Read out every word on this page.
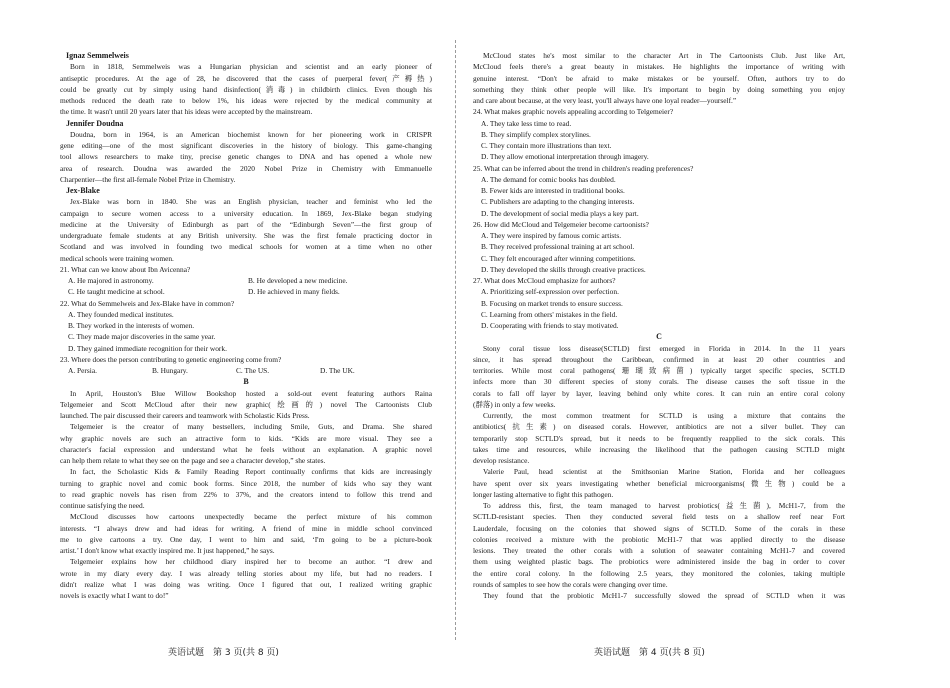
Ignaz Semmelweis
Born in 1818, Semmelweis was a Hungarian physician and scientist and an early pioneer of
antiseptic procedures. At the age of 28, he discovered that the cases of puerperal fever(产褥热)
could be greatly cut by simply using hand disinfection(消毒) in childbirth clinics. Even though his
methods reduced the death rate to below 1%, his ideas were rejected by the medical community at
the time. It wasn't until 20 years later that his ideas were accepted by the mainstream.
Jennifer Doudna
Doudna, born in 1964, is an American biochemist known for her pioneering work in CRISPR
gene editing—one of the most significant discoveries in the history of biology. This game-changing
tool allows researchers to make tiny, precise genetic changes to DNA and has opened a whole new
area of research. Doudna was awarded the 2020 Nobel Prize in Chemistry with Emmanuelle
Charpentier—the first all-female Nobel Prize in Chemistry.
Jex-Blake
Jex-Blake was born in 1840. She was an English physician, teacher and feminist who led the
campaign to secure women access to a university education. In 1869, Jex-Blake began studying
medicine at the University of Edinburgh as part of the “Edinburgh Seven”—the first group of
undergraduate female students at any British university. She was the first female practicing doctor in
Scotland and was involved in founding two medical schools for women at a time when no other
medical schools were training women.
21. What can we know about Ibn Avicenna?
A. He majored in astronomy.	B. He developed a new medicine.
C. He taught medicine at school.	D. He achieved in many fields.
22. What do Semmelweis and Jex-Blake have in common?
A. They founded medical institutes.
B. They worked in the interests of women.
C. They made major discoveries in the same year.
D. They gained immediate recognition for their work.
23. Where does the person contributing to genetic engineering come from?
A. Persia.	B. Hungary.	C. The US.	D. The UK.
B
In April, Houston's Blue Willow Bookshop hosted a sold-out event featuring authors Raina
Telgemeier and Scott McCloud after their new graphic(绘画的) novel The Cartoonists Club
launched. The pair discussed their careers and teamwork with Scholastic Kids Press.
Telgemeier is the creator of many bestsellers, including Smile, Guts, and Drama. She shared
why graphic novels are such an attractive form to kids. “Kids are more visual. They see a
character's facial expression and understand what he feels without an explanation. A graphic novel
can help them relate to what they see on the page and see a character develop,” she states.
In fact, the Scholastic Kids & Family Reading Report continually confirms that kids are increasingly
turning to graphic novel and comic book forms. Since 2018, the number of kids who say they want
to read graphic novels has risen from 22% to 37%, and the creators intend to follow this trend and
continue satisfying the need.
McCloud discusses how cartoons unexpectedly became the perfect mixture of his common
interests. “I always drew and had ideas for writing. A friend of mine in middle school convinced
me to give cartoons a try. One day, I went to him and said, ‘I'm going to be a picture-book
artist.’ I don't know what exactly inspired me. It just happened,” he says.
Telgemeier explains how her childhood diary inspired her to become an author. “I drew and
wrote in my diary every day. I was already telling stories about my life, but had no readers. I
didn't realize what I was doing was writing. Once I figured that out, I realized writing graphic
novels is exactly what I want to do!”
McCloud states he's most similar to the character Art in The Cartoonists Club. Just like Art,
McCloud feels there's a great beauty in mistakes. He highlights the importance of writing with
genuine interest. “Don't be afraid to make mistakes or be yourself. Often, authors try to do
something they think other people will like. It's important to begin by doing something you enjoy
and care about because, at the very least, you'll always have one loyal reader—yourself.”
24. What makes graphic novels appealing according to Telgemeier?
A. They take less time to read.
B. They simplify complex storylines.
C. They contain more illustrations than text.
D. They allow emotional interpretation through imagery.
25. What can be inferred about the trend in children's reading preferences?
A. The demand for comic books has doubled.
B. Fewer kids are interested in traditional books.
C. Publishers are adapting to the changing interests.
D. The development of social media plays a key part.
26. How did McCloud and Telgemeier become cartoonists?
A. They were inspired by famous comic artists.
B. They received professional training at art school.
C. They felt encouraged after winning competitions.
D. They developed the skills through creative practices.
27. What does McCloud emphasize for authors?
A. Prioritizing self-expression over perfection.
B. Focusing on market trends to ensure success.
C. Learning from others' mistakes in the field.
D. Cooperating with friends to stay motivated.
C
Stony coral tissue loss disease(SCTLD) first emerged in Florida in 2014. In the 11 years
since, it has spread throughout the Caribbean, confirmed in at least 20 other countries and
territories. While most coral pathogens(珊瑚致病菌) typically target specific species, SCTLD
infects more than 30 different species of stony corals. The disease causes the soft tissue in the
corals to fall off layer by layer, leaving behind only white cores. It can ruin an entire coral colony
(群落) in only a few weeks.
Currently, the most common treatment for SCTLD is using a mixture that contains the
antibiotics(抗生素) on diseased corals. However, antibiotics are not a silver bullet. They can
temporarily stop SCTLD's spread, but it needs to be frequently reapplied to the sick corals. This
takes time and resources, while increasing the likelihood that the pathogen causing SCTLD might
develop resistance.
Valerie Paul, head scientist at the Smithsonian Marine Station, Florida and her colleagues
have spent over six years investigating whether beneficial microorganisms(微生物) could be a
longer lasting alternative to fight this pathogen.
To address this, first, the team managed to harvest probiotics(益生菌), McH1-7, from the
SCTLD-resistant species. Then they conducted several field tests on a shallow reef near Fort
Lauderdale, focusing on the colonies that showed signs of SCTLD. Some of the corals in these
colonies received a mixture with the probiotic McH1-7 that was applied directly to the disease
lesions. They treated the other corals with a solution of seawater containing McH1-7 and covered
them using weighted plastic bags. The probiotics were administered inside the bag in order to cover
the entire coral colony. In the following 2.5 years, they monitored the colonies, taking multiple
rounds of samples to see how the corals were changing over time.
They found that the probiotic McH1-7 successfully slowed the spread of SCTLD when it was
英语试题　第 3 页(共 8 页)	英语试题　第 4 页(共 8 页)
